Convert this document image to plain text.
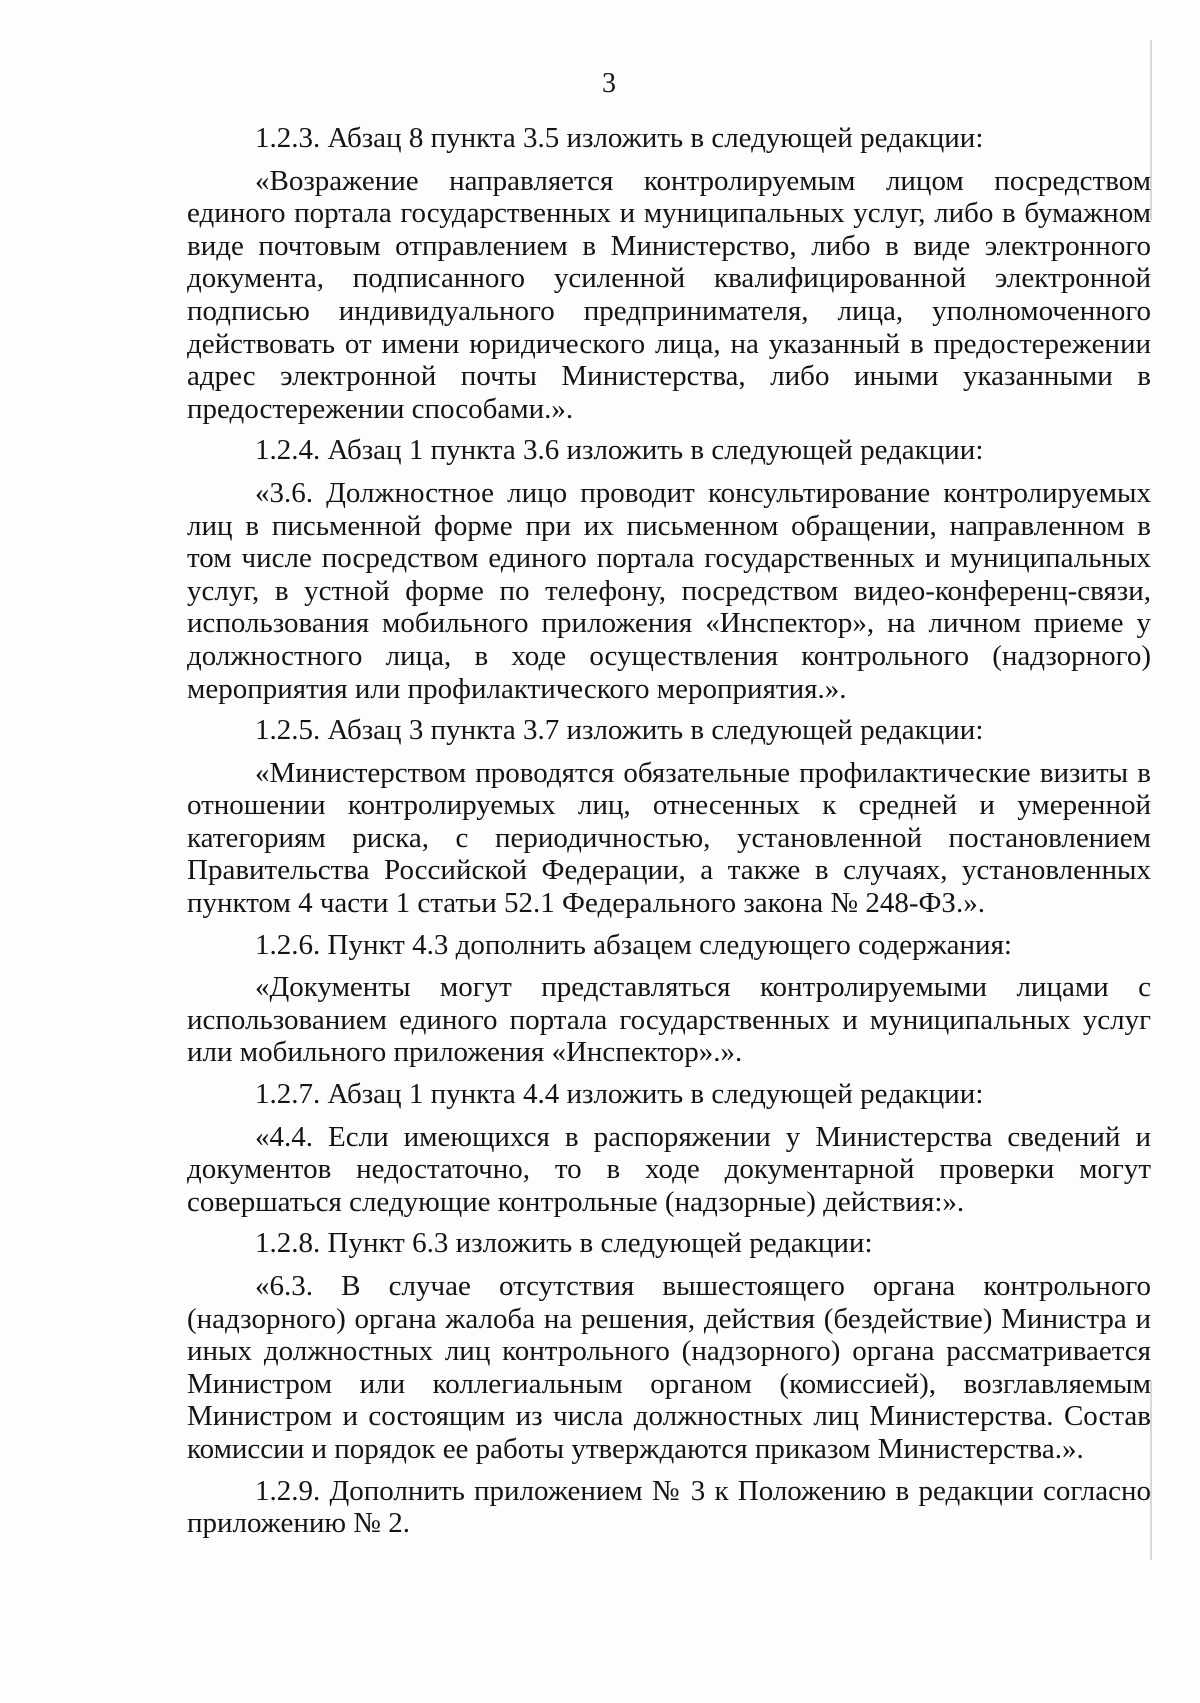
3

1.2.3. Абзац 8 пункта 3.5 изложить в следующей редакции:

«Возражение направляется контролируемым лицом посредством единого портала государственных и муниципальных услуг, либо в бумажном виде почтовым отправлением в Министерство, либо в виде электронного документа, подписанного усиленной квалифицированной электронной подписью индивидуального предпринимателя, лица, уполномоченного действовать от имени юридического лица, на указанный в предостережении адрес электронной почты Министерства, либо иными указанными в предостережении способами.».

1.2.4. Абзац 1 пункта 3.6 изложить в следующей редакции:

«3.6. Должностное лицо проводит консультирование контролируемых лиц в письменной форме при их письменном обращении, направленном в том числе посредством единого портала государственных и муниципальных услуг, в устной форме по телефону, посредством видео-конференц-связи, использования мобильного приложения «Инспектор», на личном приеме у должностного лица, в ходе осуществления контрольного (надзорного) мероприятия или профилактического мероприятия.».

1.2.5. Абзац 3 пункта 3.7 изложить в следующей редакции:

«Министерством проводятся обязательные профилактические визиты в отношении контролируемых лиц, отнесенных к средней и умеренной категориям риска, с периодичностью, установленной постановлением Правительства Российской Федерации, а также в случаях, установленных пунктом 4 части 1 статьи 52.1 Федерального закона № 248-ФЗ.».

1.2.6. Пункт 4.3 дополнить абзацем следующего содержания:

«Документы могут представляться контролируемыми лицами с использованием единого портала государственных и муниципальных услуг или мобильного приложения «Инспектор».».

1.2.7. Абзац 1 пункта 4.4 изложить в следующей редакции:

«4.4. Если имеющихся в распоряжении у Министерства сведений и документов недостаточно, то в ходе документарной проверки могут совершаться следующие контрольные (надзорные) действия:».

1.2.8. Пункт 6.3 изложить в следующей редакции:

«6.3. В случае отсутствия вышестоящего органа контрольного (надзорного) органа жалоба на решения, действия (бездействие) Министра и иных должностных лиц контрольного (надзорного) органа рассматривается Министром или коллегиальным органом (комиссией), возглавляемым Министром и состоящим из числа должностных лиц Министерства. Состав комиссии и порядок ее работы утверждаются приказом Министерства.».

1.2.9. Дополнить приложением № 3 к Положению в редакции согласно приложению № 2.
